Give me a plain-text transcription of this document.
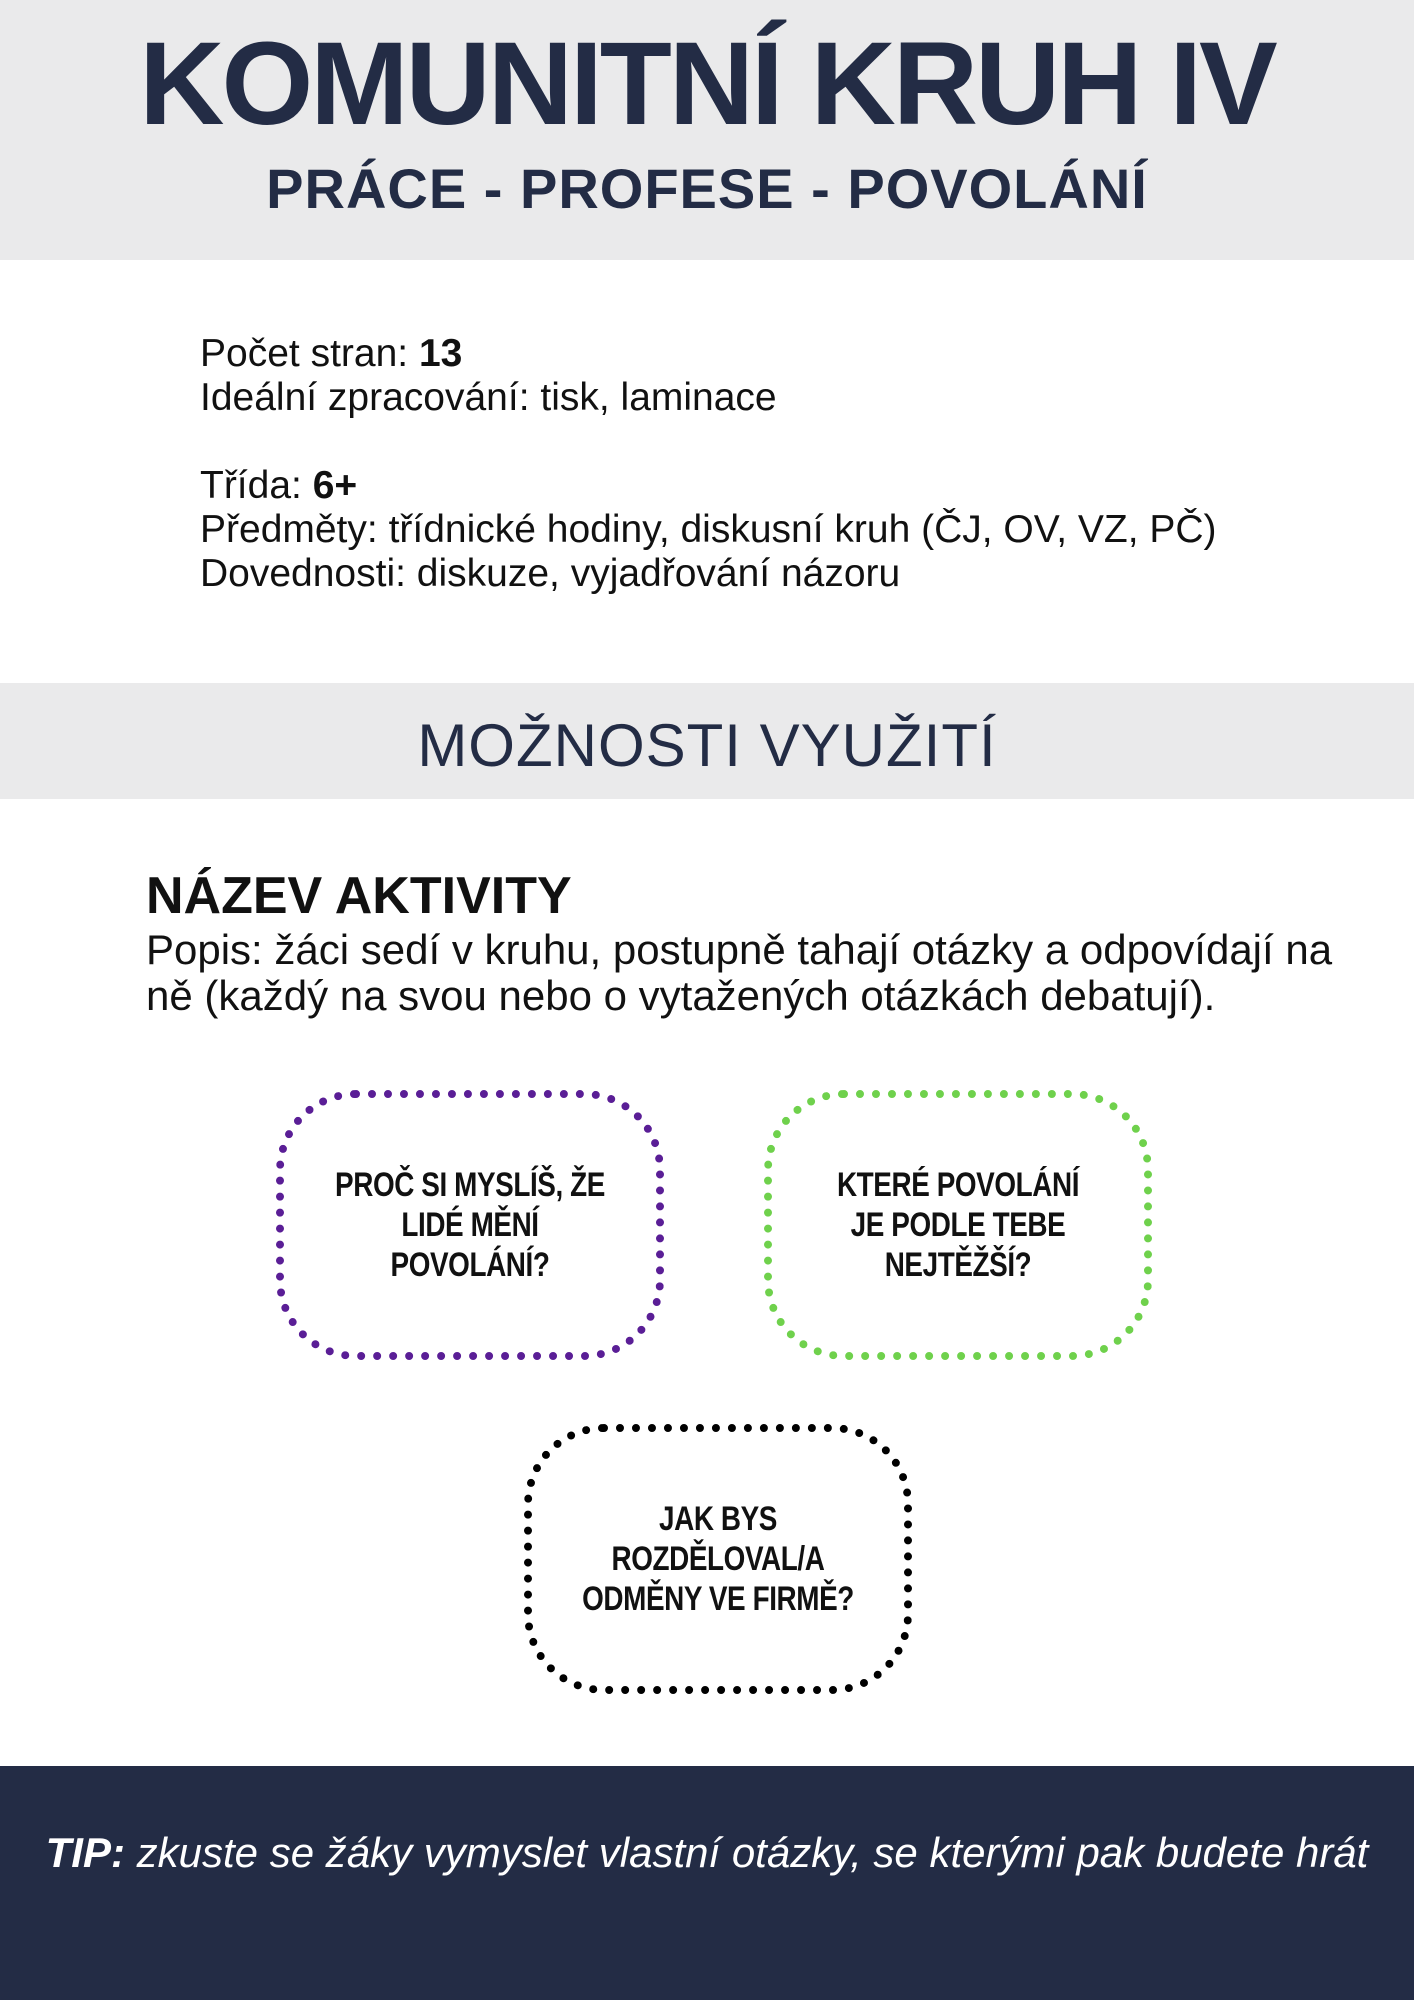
KOMUNITNÍ KRUH IV
PRÁCE - PROFESE - POVOLÁNÍ
Počet stran: 13
Ideální zpracování: tisk, laminace
Třída: 6+
Předměty: třídnické hodiny, diskusní kruh (ČJ, OV, VZ, PČ)
Dovednosti: diskuze, vyjadřování názoru
MOŽNOSTI VYUŽITÍ
NÁZEV AKTIVITY
Popis: žáci sedí v kruhu, postupně tahají otázky a odpovídají na ně (každý na svou nebo o vytažených otázkách debatují).
PROČ SI MYSLÍŠ, ŽE LIDÉ MĚNÍ POVOLÁNÍ?
KTERÉ POVOLÁNÍ JE PODLE TEBE NEJTĚŽŠÍ?
JAK BYS ROZDĚLOVAL/A ODMĚNY VE FIRMĚ?
TIP: zkuste se žáky vymyslet vlastní otázky, se kterými pak budete hrát
